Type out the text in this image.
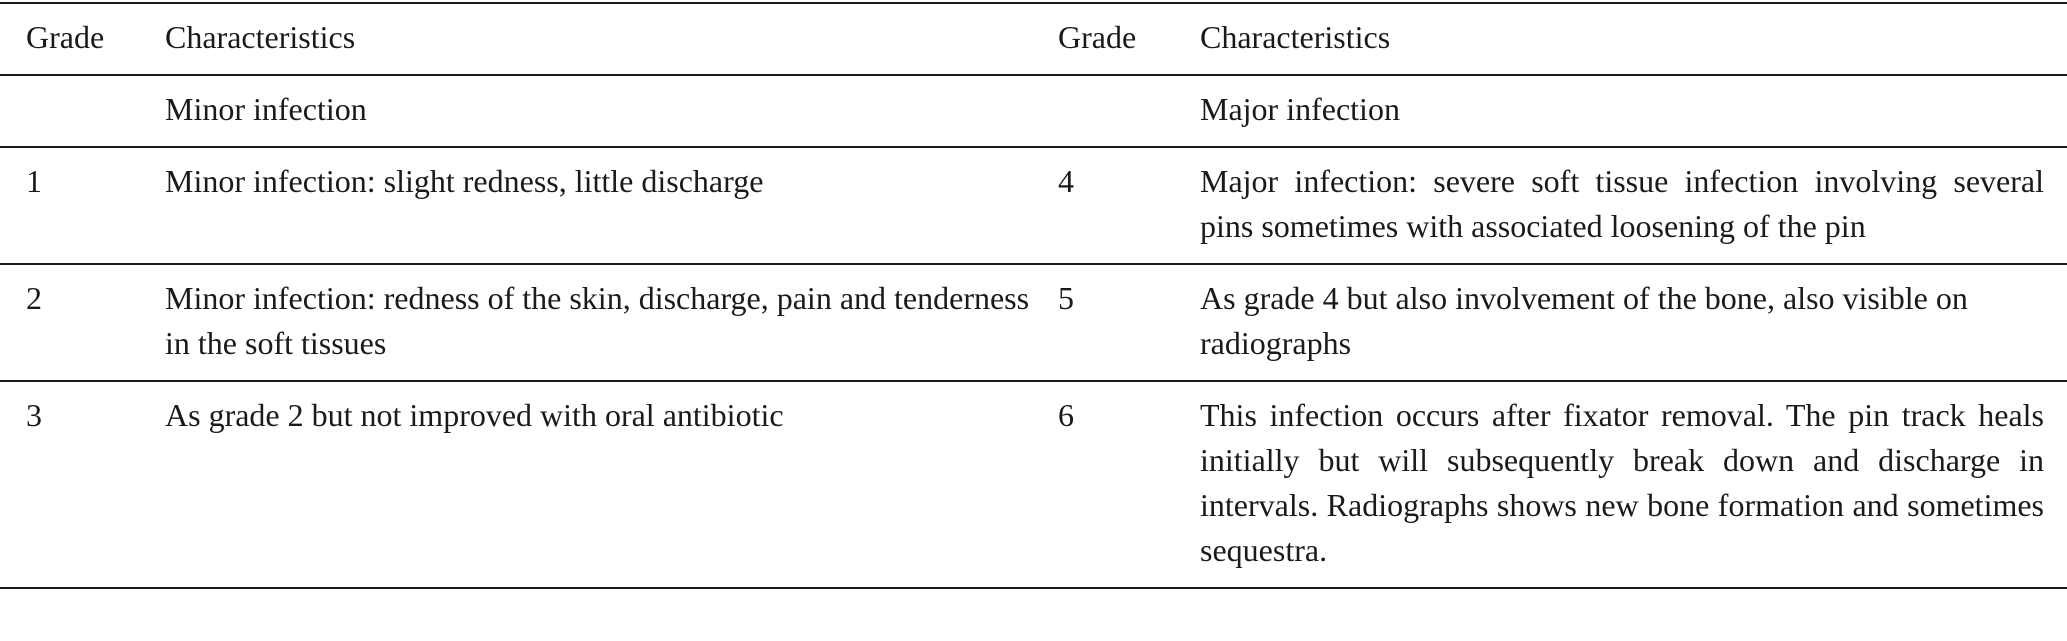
Grade	Characteristics	Grade	Characteristics
	Minor infection		Major infection
1	Minor infection: slight redness, little discharge	4	Major infection: severe soft tissue infection involving several pins sometimes with associated loosening of the pin
2	Minor infection: redness of the skin, discharge, pain and tenderness in the soft tissues	5	As grade 4 but also involvement of the bone, also visible on radiographs
3	As grade 2 but not improved with oral antibiotic	6	This infection occurs after fixator removal. The pin track heals initially but will subsequently break down and discharge in intervals. Radiographs shows new bone formation and sometimes sequestra.
